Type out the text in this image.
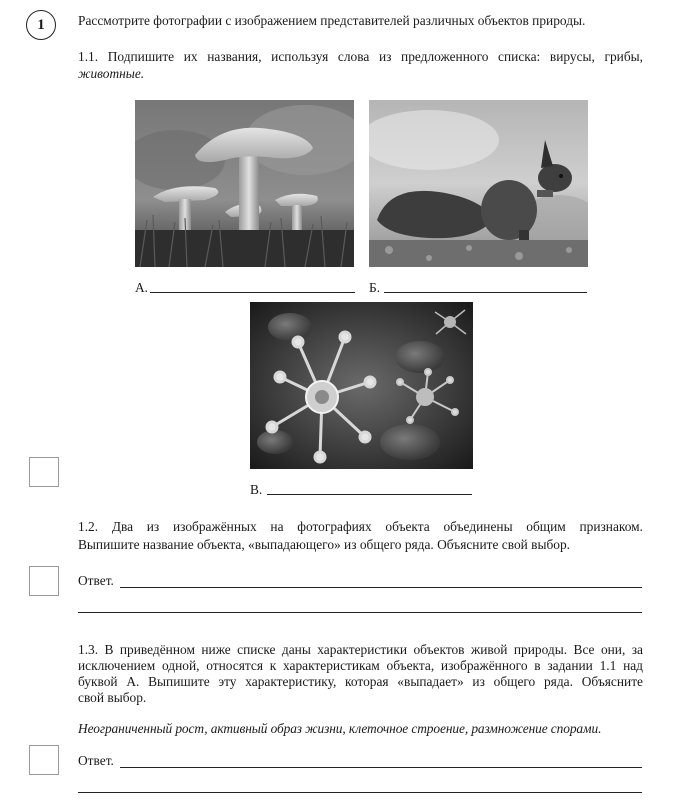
1	Рассмотрите фотографии с изображением представителей различных объектов природы.
1.1. Подпишите их названия, используя слова из предложенного списка: вирусы, грибы,
животные.
А.	Б.
В.
1.2. Два из изображённых на фотографиях объекта объединены общим признаком.
Выпишите название объекта, «выпадающего» из общего ряда. Объясните свой выбор.
Ответ.
1.3. В приведённом ниже списке даны характеристики объектов живой природы. Все они, за
исключением одной, относятся к характеристикам объекта, изображённого в задании 1.1 над
буквой А. Выпишите эту характеристику, которая «выпадает» из общего ряда. Объясните
свой выбор.
Неограниченный рост, активный образ жизни, клеточное строение, размножение спорами.
Ответ.
